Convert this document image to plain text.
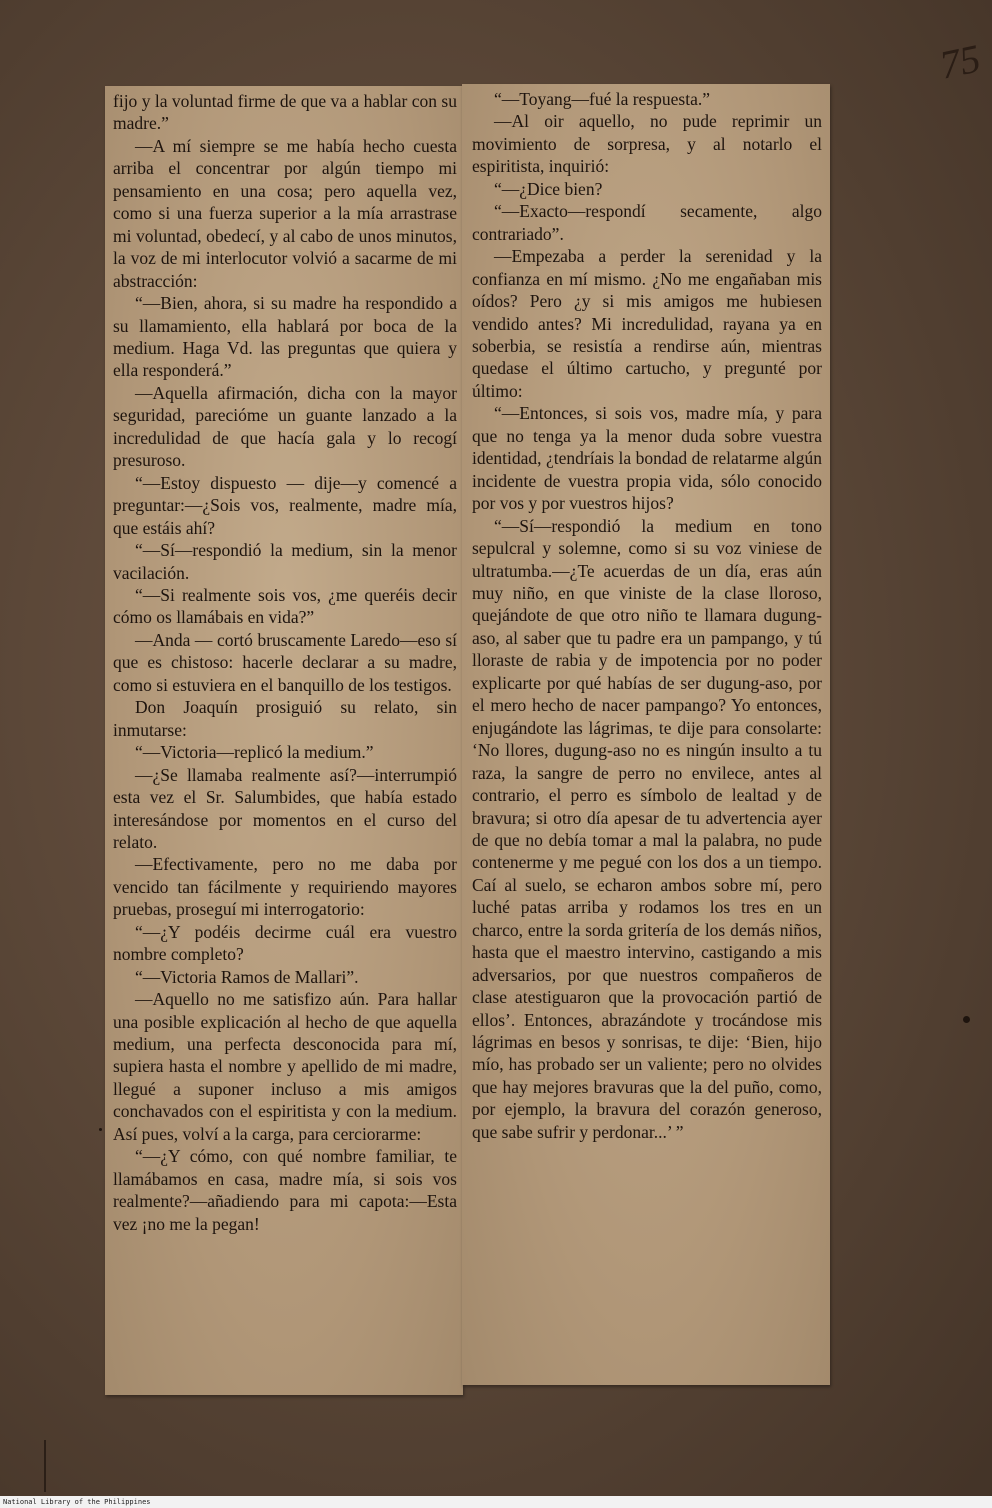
75

fijo y la voluntad firme de que va a hablar con su madre.”

—A mí siempre se me había hecho cuesta arriba el concentrar por algún tiempo mi pensamiento en una cosa; pero aquella vez, como si una fuerza superior a la mía arrastrase mi voluntad, obedecí, y al cabo de unos minutos, la voz de mi interlocutor volvió a sacarme de mi abstracción:

“—Bien, ahora, si su madre ha respondido a su llamamiento, ella hablará por boca de la medium. Haga Vd. las preguntas que quiera y ella responderá.”

—Aquella afirmación, dicha con la mayor seguridad, parecióme un guante lanzado a la incredulidad de que hacía gala y lo recogí presuroso.

“—Estoy dispuesto — dije—y comencé a preguntar:—¿Sois vos, realmente, madre mía, que estáis ahí?

“—Sí—respondió la medium, sin la menor vacilación.

“—Si realmente sois vos, ¿me queréis decir cómo os llamábais en vida?”

—Anda — cortó bruscamente Laredo—eso sí que es chistoso: hacerle declarar a su madre, como si estuviera en el banquillo de los testigos.

Don Joaquín prosiguió su relato, sin inmutarse:

“—Victoria—replicó la medium.”

—¿Se llamaba realmente así?—interrumpió esta vez el Sr. Salumbides, que había estado interesándose por momentos en el curso del relato.

—Efectivamente, pero no me daba por vencido tan fácilmente y requiriendo mayores pruebas, proseguí mi interrogatorio:

“—¿Y podéis decirme cuál era vuestro nombre completo?

“—Victoria Ramos de Mallari”.

—Aquello no me satisfizo aún. Para hallar una posible explicación al hecho de que aquella medium, una perfecta desconocida para mí, supiera hasta el nombre y apellido de mi madre, llegué a suponer incluso a mis amigos conchavados con el espiritista y con la medium. Así pues, volví a la carga, para cerciorarme:

“—¿Y cómo, con qué nombre familiar, te llamábamos en casa, madre mía, si sois vos realmente?—añadiendo para mi capota:—Esta vez ¡no me la pegan!

“—Toyang—fué la respuesta.”

—Al oir aquello, no pude reprimir un movimiento de sorpresa, y al notarlo el espiritista, inquirió:

“—¿Dice bien?

“—Exacto—respondí secamente, algo contrariado”.

—Empezaba a perder la serenidad y la confianza en mí mismo. ¿No me engañaban mis oídos? Pero ¿y si mis amigos me hubiesen vendido antes? Mi incredulidad, rayana ya en soberbia, se resistía a rendirse aún, mientras quedase el último cartucho, y pregunté por último:

“—Entonces, si sois vos, madre mía, y para que no tenga ya la menor duda sobre vuestra identidad, ¿tendríais la bondad de relatarme algún incidente de vuestra propia vida, sólo conocido por vos y por vuestros hijos?

“—Sí—respondió la medium en tono sepulcral y solemne, como si su voz viniese de ultratumba.—¿Te acuerdas de un día, eras aún muy niño, en que viniste de la clase lloroso, quejándote de que otro niño te llamara dugung-aso, al saber que tu padre era un pampango, y tú lloraste de rabia y de impotencia por no poder explicarte por qué habías de ser dugung-aso, por el mero hecho de nacer pampango? Yo entonces, enjugándote las lágrimas, te dije para consolarte: ‘No llores, dugung-aso no es ningún insulto a tu raza, la sangre de perro no envilece, antes al contrario, el perro es símbolo de lealtad y de bravura; si otro día apesar de tu advertencia ayer de que no debía tomar a mal la palabra, no pude contenerme y me pegué con los dos a un tiempo. Caí al suelo, se echaron ambos sobre mí, pero luché patas arriba y rodamos los tres en un charco, entre la sorda gritería de los demás niños, hasta que el maestro intervino, castigando a mis adversarios, por que nuestros compañeros de clase atestiguaron que la provocación partió de ellos’. Entonces, abrazándote y trocándose mis lágrimas en besos y sonrisas, te dije: ‘Bien, hijo mío, has probado ser un valiente; pero no olvides que hay mejores bravuras que la del puño, como, por ejemplo, la bravura del corazón generoso, que sabe sufrir y perdonar...’ ”

National Library of the Philippines
